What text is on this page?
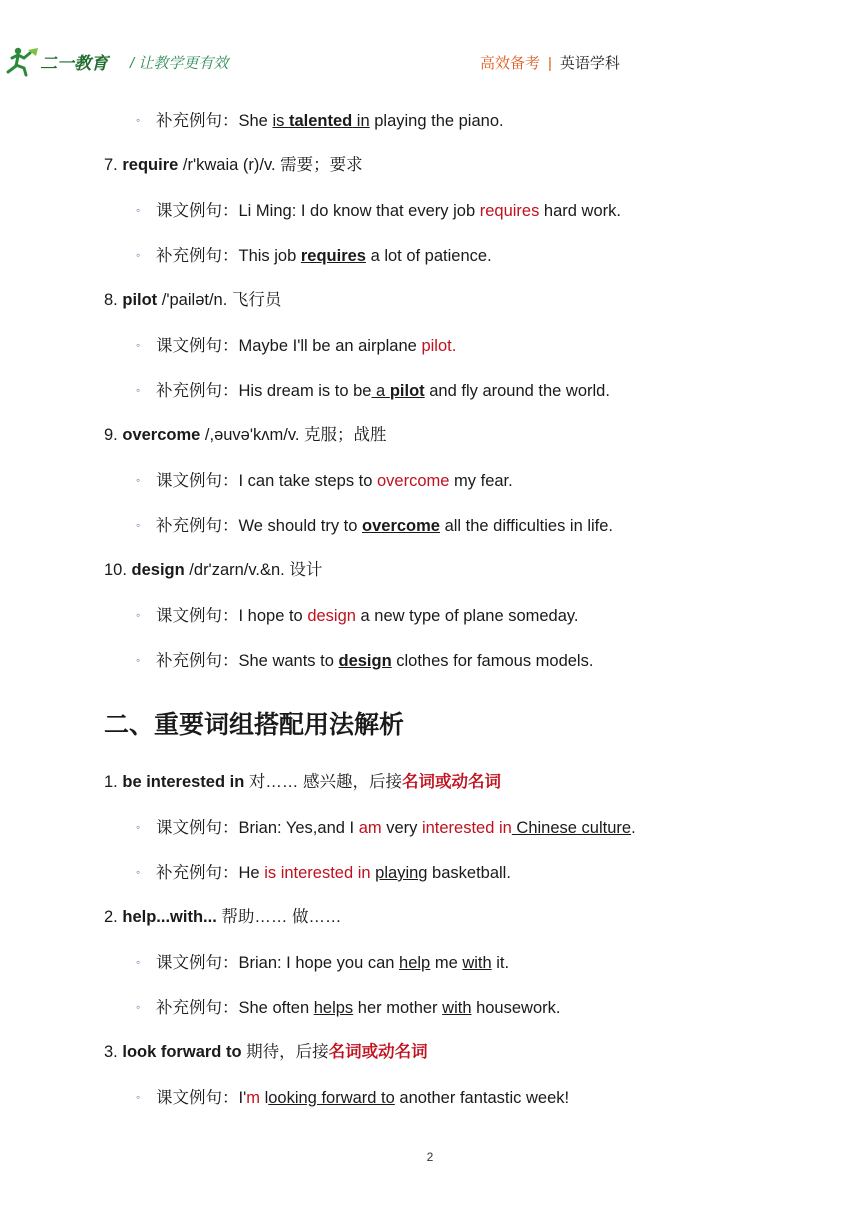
二一教育 / 让教学更有效	高效备考 | 英语学科
◦ 补充例句：She is talented in playing the piano.
7. require /r'kwaia (r)/v. 需要；要求
◦ 课文例句：Li Ming: I do know that every job requires hard work.
◦ 补充例句：This job requires a lot of patience.
8. pilot /'pailət/n. 飞行员
◦ 课文例句：Maybe I'll be an airplane pilot.
◦ 补充例句：His dream is to be a pilot and fly around the world.
9. overcome /,əuvə'kʌm/v. 克服；战胜
◦ 课文例句：I can take steps to overcome my fear.
◦ 补充例句：We should try to overcome all the difficulties in life.
10. design /dr'zarn/v.&n. 设计
◦ 课文例句：I hope to design a new type of plane someday.
◦ 补充例句：She wants to design clothes for famous models.
二、重要词组搭配用法解析
1. be interested in 对…… 感兴趣，后接名词或动名词
◦ 课文例句：Brian: Yes,and I am very interested in Chinese culture.
◦ 补充例句：He is interested in playing basketball.
2. help...with... 帮助…… 做……
◦ 课文例句：Brian: I hope you can help me with it.
◦ 补充例句：She often helps her mother with housework.
3. look forward to 期待，后接名词或动名词
◦ 课文例句：I'm looking forward to another fantastic week!
2
